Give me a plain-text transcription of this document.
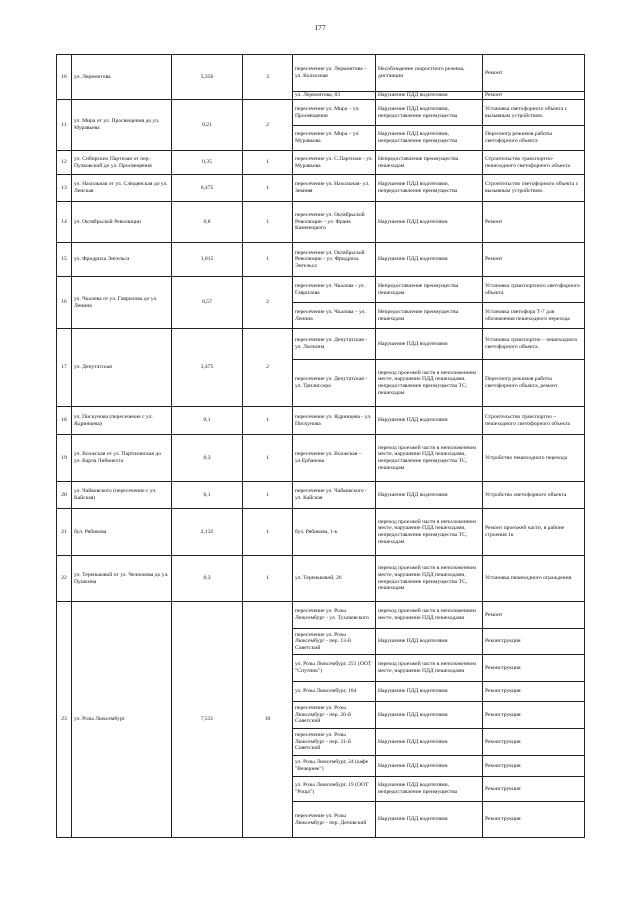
177
16	ул. Лермонтова	5,356	3	пересечение ул. Лермонтова – ул. Колхозная	Несоблюдение скоростного режима, дистанции	Ремонт
				ул. Лермонтова, 83	Нарушение ПДД водителями	Ремонт
11	ул. Мира от ул. Просвещения до ул. Муравьева	0,21	2	пересечение ул. Мира – ул. Просвещения	Нарушение ПДД водителями, непредоставление преимущества	Установка светофорного объекта с вызывным устройством.
				пересечение ул. Мира – ул. Муравьева	Нарушение ПДД водителями, непредоставление преимущества	Пересмотр режимов работы светофорного объекта
12	ул. Сибирских Партизан от пер. Пулковский до ул. Просвещения	0,35	1	пересечение ул. С.Партизан - ул. Муравьева	Непредоставление преимущества пешеходам	Строительство транспортно-пешеходного светофорного объекта
13	ул. Нахольная от ул. Слюдянская до ул. Ленская	0,475	1	пересечение ул. Нахольная- ул. Зимняя	Нарушение ПДД водителями, непредоставление преимущества	Строительство светофорного объекта с вызывным устройством.
14	ул. Октябрьской Революции	0,8	1	пересечение ул. Октябрьской Революции – ул. Франк Каменецкого	Нарушение ПДД водителями	Ремонт
15	ул. Фридриха Энгельса	1,015	1	пересечение ул. Октябрьской Революции - ул. Фридриха Энгельса	Нарушение ПДД водителями	Ремонт
16	ул. Чкалова от ул. Гаврилова до ул. Ленина	0,57	2	пересечение ул. Чкалова - ул. Гаврилова	Непредоставление преимущества пешеходам	Установка транспортного светофорного объекта
				пересечение ул. Чкалова – ул. Ленина	Непредоставление преимущества пешеходам	Установка светофора Т-7 для обозначения пешеходного перехода
17	ул. Депутатская	3,475	2	пересечение ул. Депутатская - ул. Лыткина	Нарушение ПДД водителями	Установка транспортно – пешеходного светофорного объекта.
				пересечение ул. Депутатская - ул. Трилиссера	переход проезжей части в неположенном месте, нарушение ПДД пешеходами, непредоставление преимущества ТС, пешеходам	Пересмотр режимов работы светофорного объекта, ремонт
18	ул. Пискунова (пересечение с ул. Ядринцева)	0,1	1	пересечение ул. Ядринцева - ул. Пискунова	Нарушение ПДД водителями	Строительство транспортно – пешеходного светофорного объекта
19	ул. Волжская от ул. Партизанская до ул. Карла Либкнехта	0,3	1	пересечение ул. Волжская – ул.Ербанова	переход проезжей части в неположенном месте, нарушение ПДД пешеходами, непредоставление преимущества ТС, пешеходам	Устройство пешеходного перехода
20	ул. Чайковского (пересечение с ул. Кайская)	0,1	1	пересечение ул. Чайковского - ул. Кайская	Нарушение ПДД водителями	Устройство светофорного объекта
21	бул. Рябикова	2,132	1	бул. Рябикова, 1-к	переход проезжей части в неположенном месте, нарушение ПДД пешеходами, непредоставление преимущества ТС, пешеходам	Ремонт проезжей части, в районе строения 1к
22	ул. Тереньковой от ул. Челнокова до ул. Пушкина	0,3	1	ул. Тереньковой, 26	переход проезжей части в неположенном месте, нарушение ПДД пешеходами, непредоставление преимущества ТС, пешеходам	Установка пешеходного ограждения
23	ул. Розы Люксембург	7,531	10	пересечение ул. Розы Люксембург - ул. Тухачевского	переход проезжей части в неположенном месте, нарушение ПДД пешеходами	Ремонт
				пересечение ул. Розы Люксембург - пер. 13-й Советский	Нарушение ПДД водителями	Реконструкция
				ул. Розы Люксембург, 251 (ООТ "Спутник")	переход проезжей части в неположенном месте, нарушение ПДД пешеходами	Реконструкция
				ул. Розы Люксембург, 184	Нарушение ПДД водителями	Реконструкция
				пересечение ул. Розы Люксембург - пер. 20-й Советский	Нарушение ПДД водителями	Реконструкция
				пересечение ул. Розы Люксембург - пер. 31-й Советский	Нарушение ПДД водителями	Реконструкция
				ул. Розы Люксембург, 24 (кафе "Вечернее")	Нарушение ПДД водителями	Реконструкция
				ул. Розы Люксембург, 19 (ООТ "Роща")	Нарушение ПДД водителями, непредоставление преимущества	Реконструкция
				пересечение ул. Розы Люксембург - пер. Деповский	Нарушение ПДД водителями	Реконструкция
